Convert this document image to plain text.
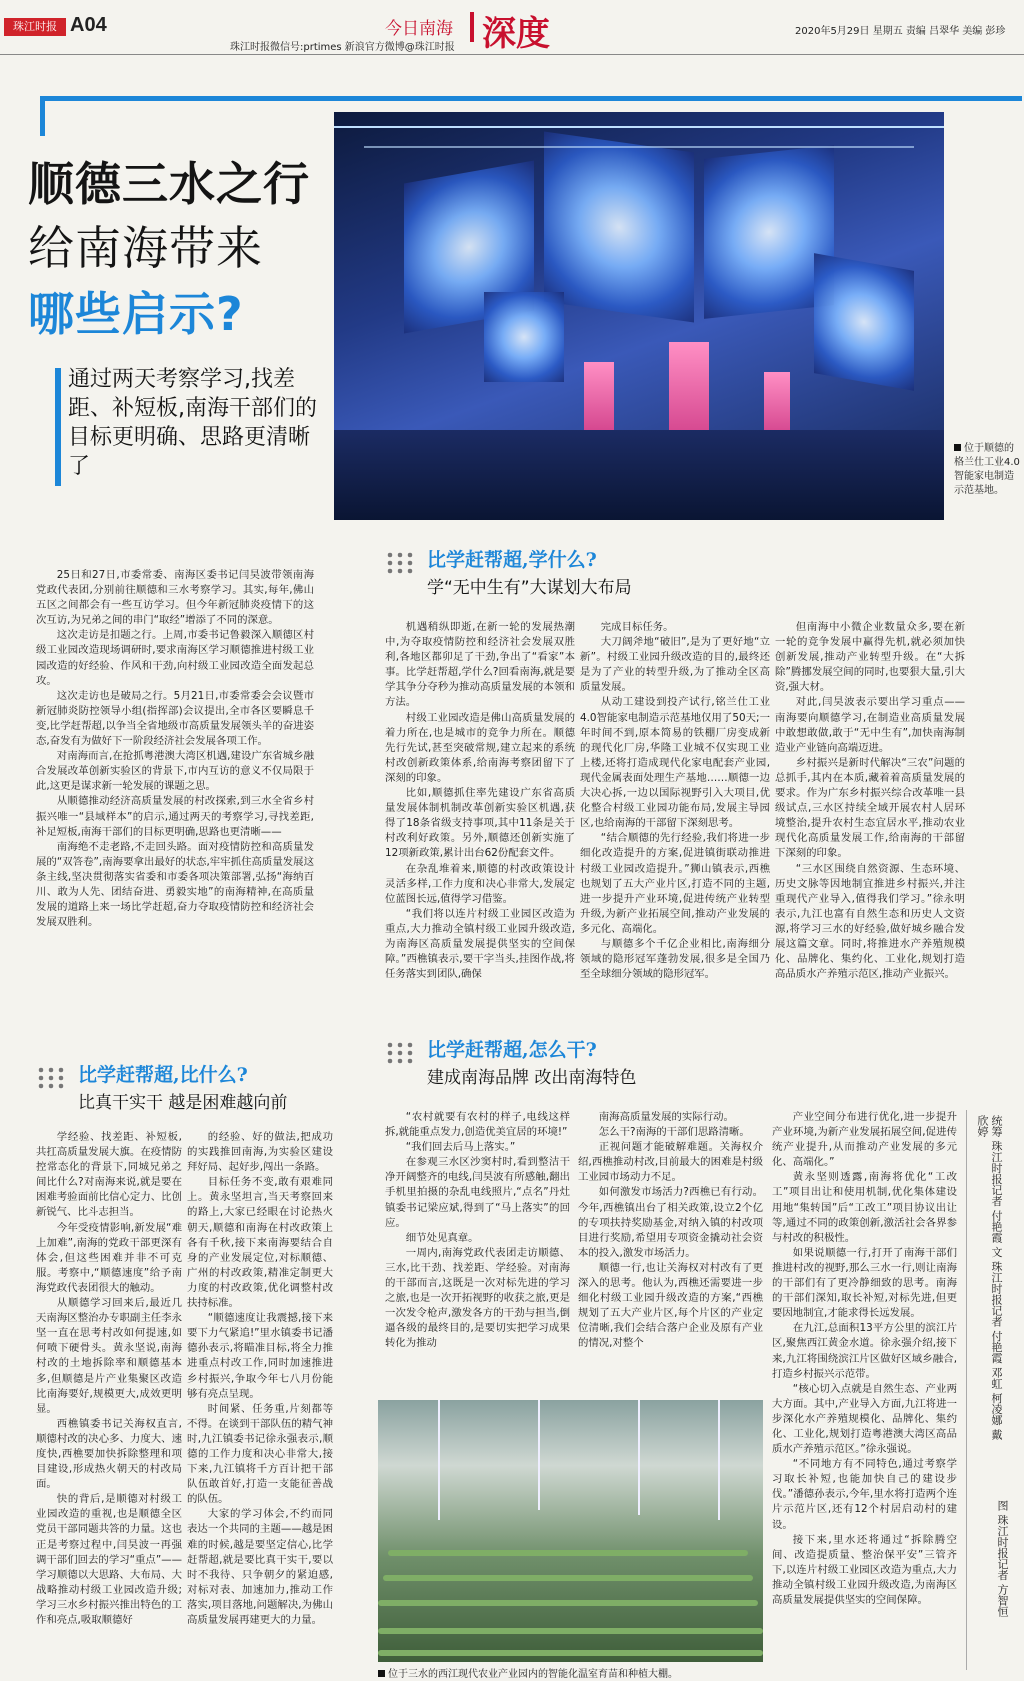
珠江时报 A04	今日南海 深度
珠江时报微信号:prtimes 新浪官方微博@珠江时报
2020年5月29日 星期五 责编 吕翠华 美编 彭珍
顺德三水之行
给南海带来
哪些启示?
通过两天考察学习,找差距、补短板,南海干部们的目标更明确、思路更清晰了
位于顺德的格兰仕工业4.0智能家电制造示范基地。

25日和27日,市委常委、南海区委书记闫昊波带领南海党政代表团,分别前往顺德和三水考察学习。其实,每年,佛山五区之间都会有一些互访学习。但今年新冠肺炎疫情下的这次互访,为兄弟之间的串门“取经”增添了不同的深意。

这次走访是扣题之行。上周,市委书记鲁毅深入顺德区村级工业园改造现场调研时,要求南海区学习顺德推进村级工业园改造的好经验、作风和干劲,向村级工业园改造全面发起总攻。

这次走访也是破局之行。5月21日,市委常委会会议暨市新冠肺炎防控领导小组(指挥部)会议提出,全市各区要瞬息千变,比学赶帮超,以争当全省地级市高质量发展领头羊的奋进姿态,奋发有为做好下一阶段经济社会发展各项工作。

对南海而言,在抢抓粤港澳大湾区机遇,建设广东省城乡融合发展改革创新实验区的背景下,市内互访的意义不仅局限于此,这更是谋求新一轮发展的课题之思。

从顺德推动经济高质量发展的村改探索,到三水全省乡村振兴唯一“县域样本”的启示,通过两天的考察学习,寻找差距,补足短板,南海干部们的目标更明确,思路也更清晰——

南海绝不走老路,不走回头路。面对疫情防控和高质量发展的“双答卷”,南海要拿出最好的状态,牢牢抓住高质量发展这条主线,坚决贯彻落实省委和市委各项决策部署,弘扬“海纳百川、敢为人先、团结奋进、勇毅实地”的南海精神,在高质量发展的道路上来一场比学赶超,奋力夺取疫情防控和经济社会发展双胜利。

比学赶帮超,学什么?
学“无中生有”大谋划大布局

机遇稍纵即逝,在新一轮的发展热潮中,为夺取疫情防控和经济社会发展双胜利,各地区都卯足了干劲,争出了“看家”本事。比学赶帮超,学什么?回看南海,就是要学其争分夺秒为推动高质量发展的本领和方法。

村级工业园改造是佛山高质量发展的着力所在,也是城市的竞争力所在。顺德先行先试,甚至突破常规,建立起来的系统村改创新政策体系,给南海考察团留下了深刻的印象。

比如,顺德抓住率先建设广东省高质量发展体制机制改革创新实验区机遇,获得了18条省级支持事项,其中11条是关于村改利好政策。另外,顺德还创新实施了12项新政策,累计出台62份配套文件。

在杂乱堆着来,顺德的村改政策设计灵活多样,工作力度和决心非常大,发展定位蓝图长远,值得学习借鉴。

“我们将以连片村级工业园区改造为重点,大力推动全镇村级工业园升级改造,为南海区高质量发展提供坚实的空间保障。”西樵镇表示,要干字当头,挂图作战,将任务落实到团队,确保

完成目标任务。

大刀阔斧地“破旧”,是为了更好地“立新”。村级工业园升级改造的目的,最终还是为了产业的转型升级,为了推动全区高质量发展。

从动工建设到投产试行,铭兰仕工业4.0智能家电制造示范基地仅用了50天;一年时间不到,原本简易的铁棚厂房变成新的现代化厂房,华隆工业城不仅实现工业上楼,还将打造成现代化家电配套产业园,现代金属表面处理生产基地……顺德一边大决心拆,一边以国际视野引入大项目,优化整合村级工业园功能布局,发展主导园区,也给南海的干部留下深刻思考。

“结合顺德的先行经验,我们将进一步细化改造提升的方案,促进镇街联动推进村级工业园改造提升。”狮山镇表示,西樵也规划了五大产业片区,打造不同的主题,进一步提升产业环境,促进传统产业转型升级,为新产业拓展空间,推动产业发展的多元化、高端化。

与顺德多个千亿企业相比,南海细分领域的隐形冠军蓬勃发展,很多是全国乃至全球细分领域的隐形冠军。

但南海中小微企业数量众多,要在新一轮的竞争发展中赢得先机,就必须加快创新发展,推动产业转型升级。在“大拆除”腾挪发展空间的同时,也要狠大量,引大资,强大材。

对此,闫昊波表示要出学习重点——南海要向顺德学习,在制造业高质量发展中敢想敢做,敢于“无中生有”,加快南海制造业产业链向高端迈进。

乡村振兴是新时代解决“三农”问题的总抓手,其内在本质,藏着着高质量发展的要求。作为广东乡村振兴综合改革唯一县级试点,三水区持续全域开展农村人居环境整治,提升农村生态宜居水平,推动农业现代化高质量发展工作,给南海的干部留下深刻的印象。

“三水区围绕自然资源、生态环境、历史文脉等因地制宜推进乡村振兴,并注重现代产业导入,值得我们学习。”徐永明表示,九江也富有自然生态和历史人文资源,将学习三水的好经验,做好城乡融合发展这篇文章。同时,将推进水产养殖规模化、品牌化、集约化、工业化,规划打造高品质水产养殖示范区,推动产业振兴。

比学赶帮超,比什么?
比真干实干 越是困难越向前

学经验、找差距、补短板,共扛高质量发展大旗。在疫情防控常态化的背景下,同城兄弟之间比什么?对南海来说,就是要在困难考验面前比信心定力、比创新锐气、比斗志担当。

今年受疫情影响,新发展“难上加难”,南海的党政干部更深有体会,但这些困难并非不可克服。考察中,“顺德速度”给予南海党政代表团很大的触动。

从顺德学习回来后,最近几天南海区整治办专职副主任李永坚一直在思考村改如何提速,如何喷下硬骨头。黄永坚说,南海村改的土地拆除率和顺德基本多,但顺德是片产业集聚区改造比南海要好,规模更大,成效更明显。

西樵镇委书记关海权直言,顺德村改的决心多、力度大、速度快,西樵要加快拆除整理和项目建设,形成热火朝天的村改局面。

快的背后,是顺德对村级工业园改造的重视,也是顺德全区党员干部同题共答的力量。这也正是考察过程中,闫昊波一再强调干部们回去的学习“重点”——学习顺德以大思路、大布局、大战略推动村级工业园改造升级;学习三水乡村振兴推出特色的工作和亮点,吸取顺德好

的经验、好的做法,把成功的实践推回南海,为实验区建设拜好局、起好步,闯出一条路。

目标任务不变,敢有艰难同上。黄永坚坦言,当天考察回来的路上,大家已经眼在讨论热火朝天,顺德和南海在村改政策上各有千秋,接下来南海要结合自身的产业发展定位,对标顺德、广州的村改政策,精准定制更大力度的村改政策,优化调整村改扶持标准。

“顺德速度让我震撼,接下来要下力气紧追!”里水镇委书记潘德孙表示,将瞄准目标,将全力推进重点村改工作,同时加速推进乡村振兴,争取今年七八月份能够有亮点呈现。

时间紧、任务重,片刻都等不得。在谈到干部队伍的精气神时,九江镇委书记徐永强表示,顺德的工作力度和决心非常大,接下来,九江镇将千方百计把干部队伍敢首好,打造一支能征善战的队伍。

大家的学习体会,不约而同表达一个共同的主题——越是困难的时候,越是要坚定信心,比学赶帮超,就是要比真干实干,要以时不我待、只争朝夕的紧迫感,对标对表、加速加力,推动工作落实,项目落地,问题解决,为佛山高质量发展再建更大的力量。

比学赶帮超,怎么干?
建成南海品牌 改出南海特色

“农村就要有农村的样子,电线这样拆,就能重点发力,创造优美宜居的环境!”

“我们回去后马上落实。”

在参观三水区沙窦村时,看到整洁干净开阔整齐的电线,闫昊波有所感触,翻出手机里拍摄的杂乱电线照片,“点名”丹灶镇委书记梁应斌,得到了“马上落实”的回应。

细节处见真章。

一周内,南海党政代表团走访顺德、三水,比干劲、找差距、学经验。对南海的干部而言,这既是一次对标先进的学习之旅,也是一次开拓视野的收获之旅,更是一次发令枪声,激发各方的干劲与担当,倒逼各级的最终目的,是要切实把学习成果转化为推动

南海高质量发展的实际行动。

怎么干?南海的干部们思路清晰。

正视问题才能破解难题。关海权介绍,西樵推动村改,目前最大的困难是村级工业园市场动力不足。

如何激发市场活力?西樵已有行动。今年,西樵镇出台了相关政策,设立2个亿的专项扶持奖励基金,对纳入镇的村改项目进行奖励,希望用专项资金撬动社会资本的投入,激发市场活力。

顺德一行,也让关海权对村改有了更深入的思考。他认为,西樵还需要进一步细化村级工业园升级改造的方案,“西樵规划了五大产业片区,每个片区的产业定位清晰,我们会结合落户企业及原有产业的情况,对整个

产业空间分布进行优化,进一步提升产业环境,为新产业发展拓展空间,促进传统产业提升,从而推动产业发展的多元化、高端化。”

黄永坚则透露,南海将优化“工改工”项目出让和使用机制,优化集体建设用地“集转国”后“工改工”项目协议出让等,通过不同的政策创新,激活社会各界参与村改的积极性。

如果说顺德一行,打开了南海干部们推进村改的视野,那么三水一行,则让南海的干部们有了更冷静细致的思考。南海的干部们深知,取长补短,对标先进,但更要因地制宜,才能求得长远发展。

在九江,总面积13平方公里的滨江片区,聚焦西江黄金水道。徐永强介绍,接下来,九江将围绕滨江片区做好区域乡融合,打造乡村振兴示范带。

“核心切入点就是自然生态、产业两大方面。其中,产业导入方面,九江将进一步深化水产养殖规模化、品牌化、集约化、工业化,规划打造粤港澳大湾区高品质水产养殖示范区。”徐永强说。

“不同地方有不同特色,通过考察学习取长补短,也能加快自己的建设步伐。”潘德孙表示,今年,里水将打造两个连片示范片区,还有12个村居启动村的建设。

接下来,里水还将通过“拆除腾空间、改造提质量、整治保平安”三管齐下,以连片村级工业园区改造为重点,大力推动全镇村级工业园升级改造,为南海区高质量发展提供坚实的空间保障。

位于三水的西江现代农业产业园内的智能化温室育苗和种植大棚。
统筹 珠江时报记者 付艳霞 文 珠江时报记者 付艳霞 邓虹 柯凌娜 戴欣婷
图 珠江时报记者 方智恒
